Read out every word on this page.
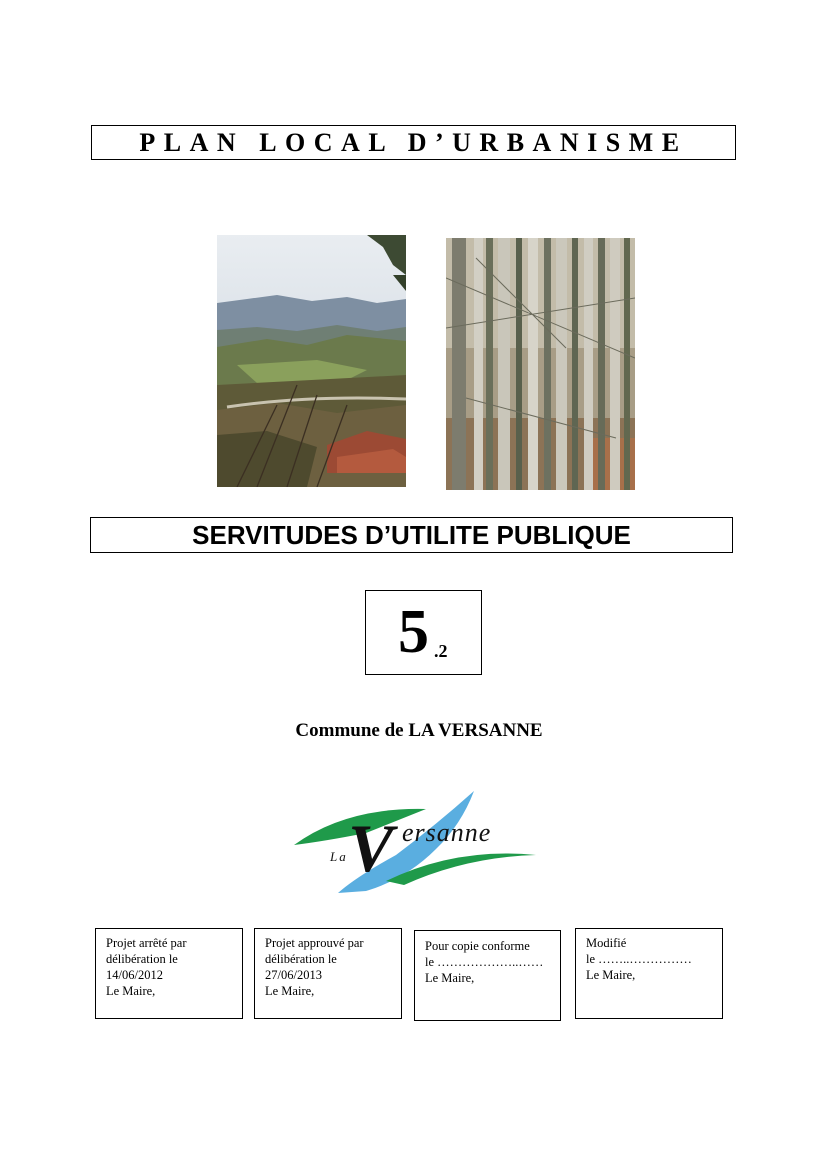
PLAN LOCAL D’URBANISME
SERVITUDES D’UTILITE PUBLIQUE
5 .2
Commune de LA VERSANNE
La V ersanne
Projet arrêté par
délibération le
14/06/2012
Le Maire,
Projet approuvé par
délibération le
27/06/2013
Le Maire,
Pour copie conforme
le ………………..……
Le Maire,
Modifié
le ……..……………
Le Maire,
